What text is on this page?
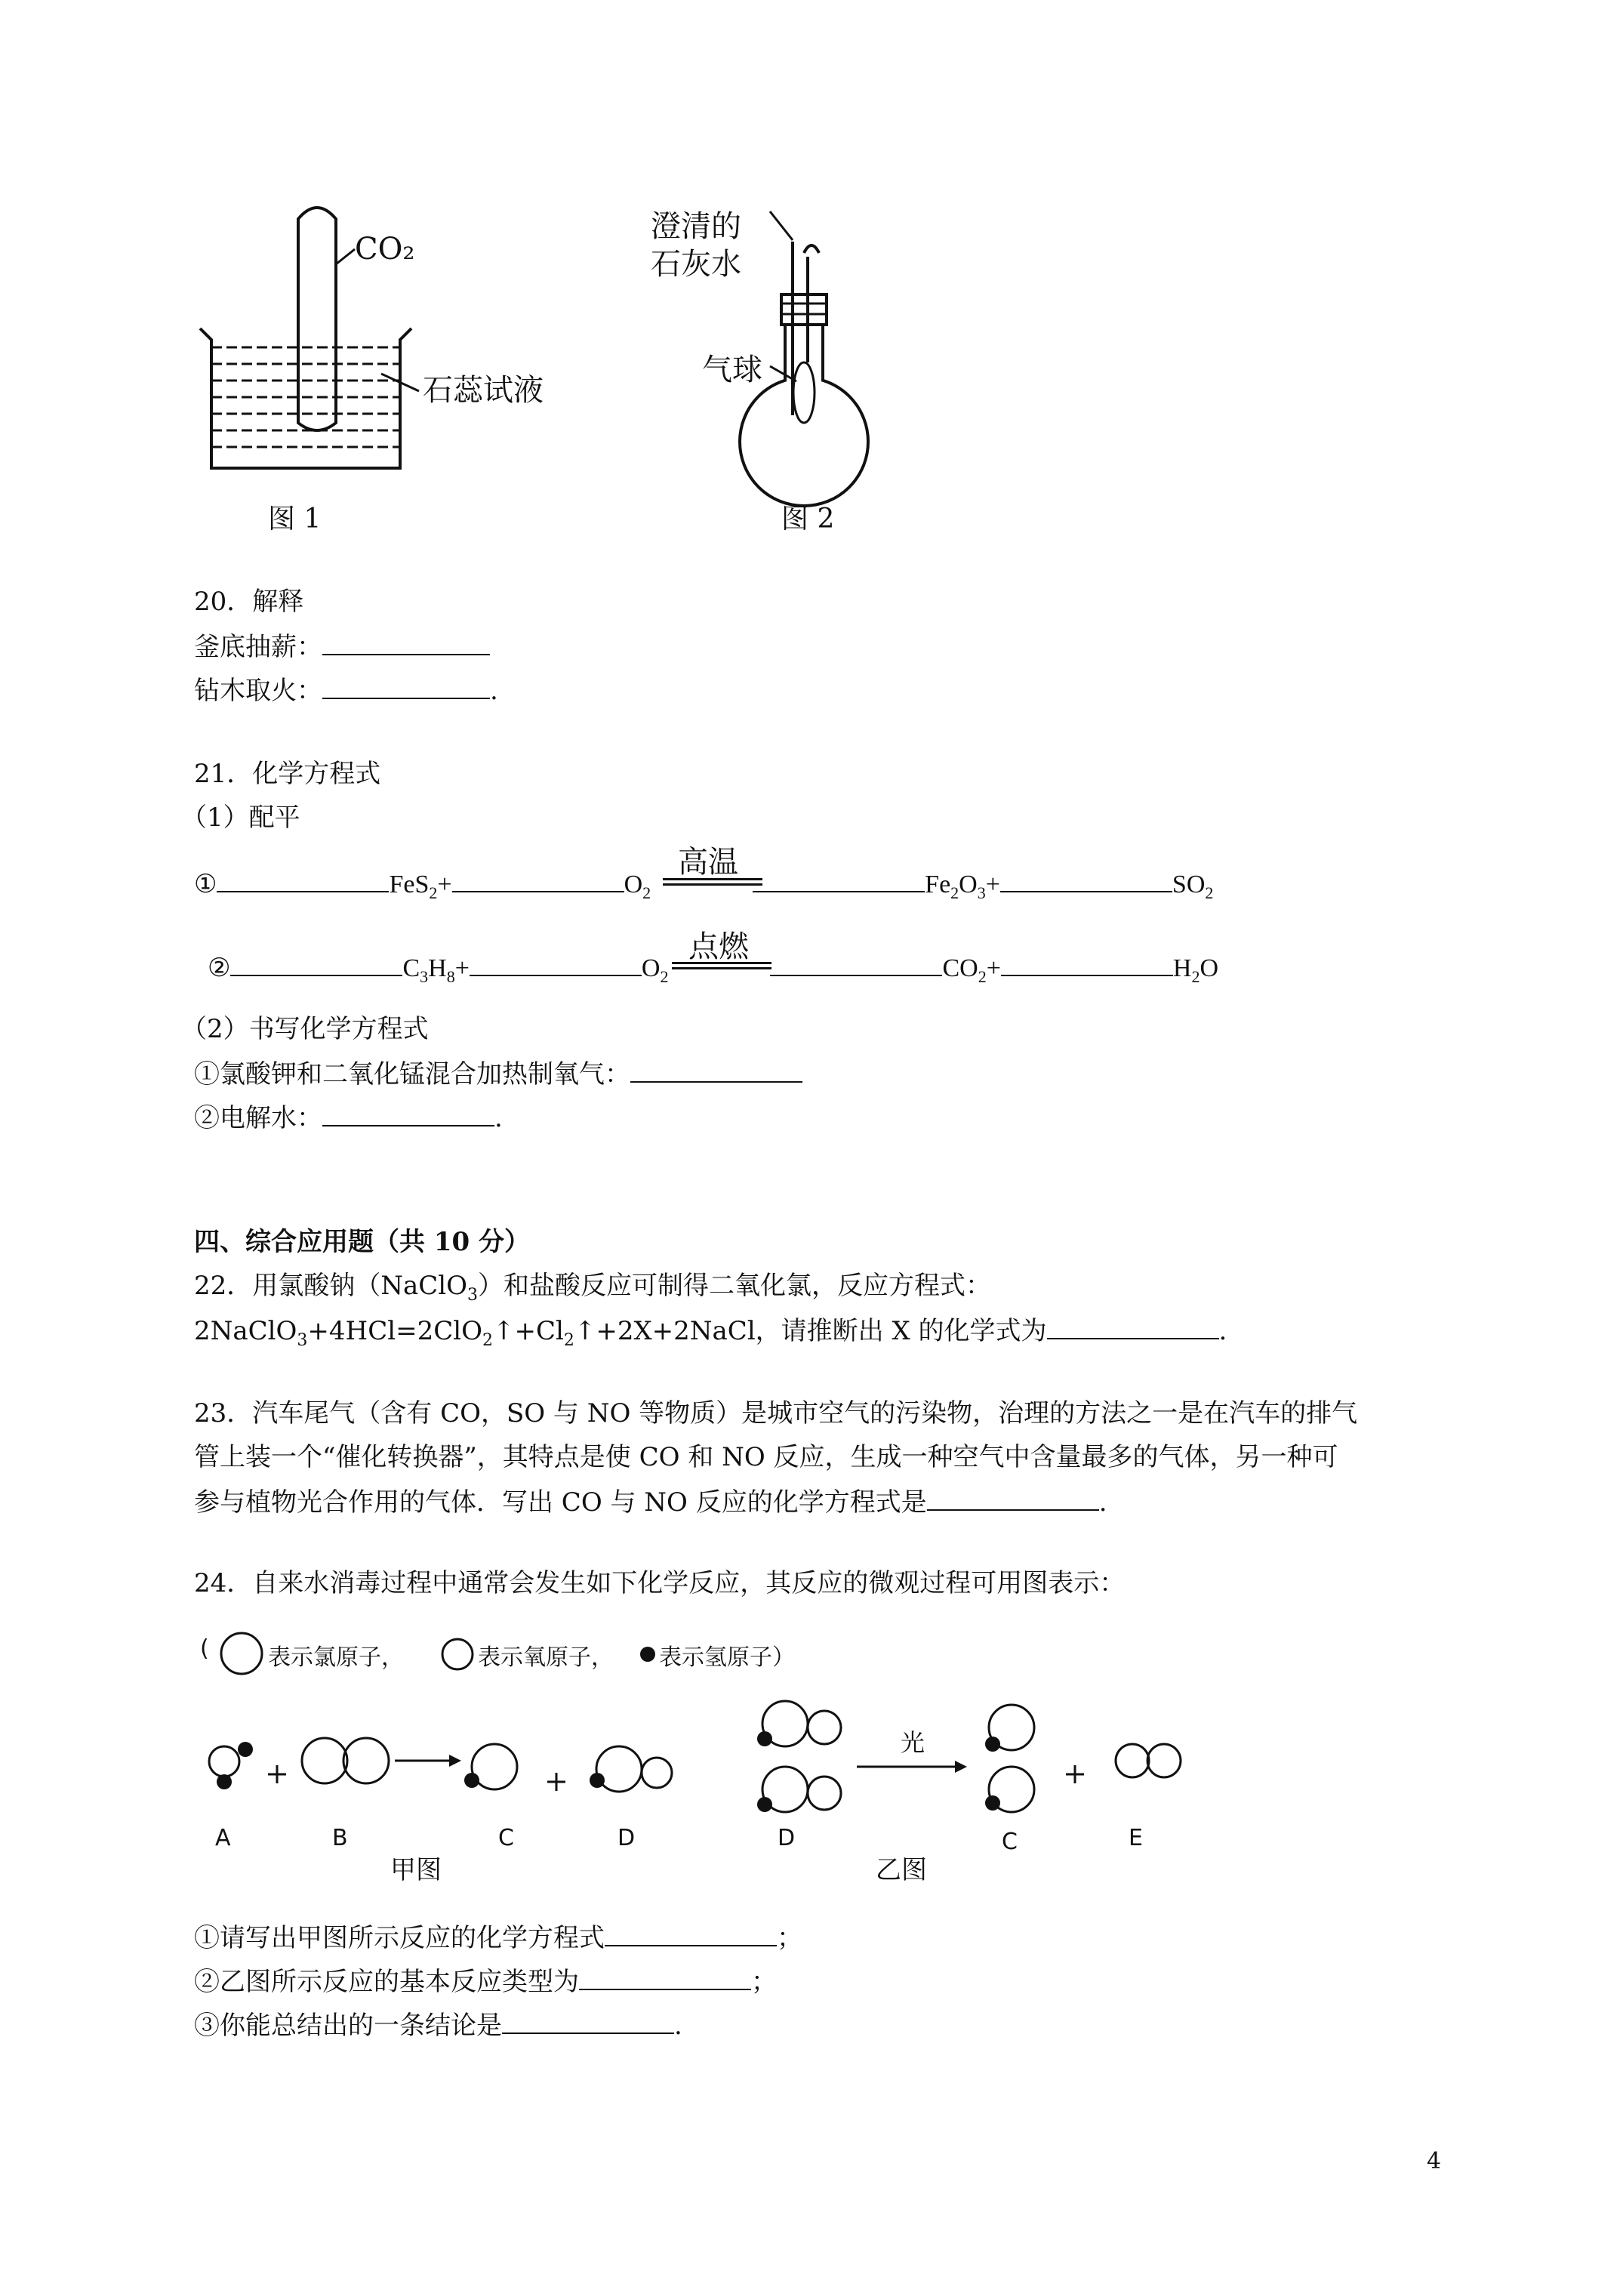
CO₂
石蕊试液
图 1
澄清的
石灰水
气球
图 2
20．解释
釜底抽薪：
钻木取火：	.
21．化学方程式
（1）配平
①	FeS$_2$+	$O_2$	$Fe_2O_3+$	$SO_2$
高温
②	$C_3H_8+$	$O_2$	$CO_2+$	$H_2O$
点燃
（2）书写化学方程式
①氯酸钾和二氧化锰混合加热制氧气：
②电解水：	.
四、综合应用题（共 10 分）
22．用氯酸钠（NaClO$_3$）和盐酸反应可制得二氧化氯，反应方程式：
$2NaClO_3+4HCl=2ClO_2↑+Cl_2↑+2X+2NaCl$，请推断出 X 的化学式为	.
23．汽车尾气（含有 CO，SO 与 NO 等物质）是城市空气的污染物，治理的方法之一是在汽车的排气
管上装一个“催化转换器”，其特点是使 CO 和 NO 反应，生成一种空气中含量最多的气体，另一种可
参与植物光合作用的气体．写出 CO 与 NO 反应的化学方程式是	.
24．自来水消毒过程中通常会发生如下化学反应，其反应的微观过程可用图表示：
(	表示氯原子，	表示氧原子， 表示氢原子）
光
A	B	C	D	D	C	E
甲图	乙图
①请写出甲图所示反应的化学方程式	；
②乙图所示反应的基本反应类型为	；
③你能总结出的一条结论是	.
4
